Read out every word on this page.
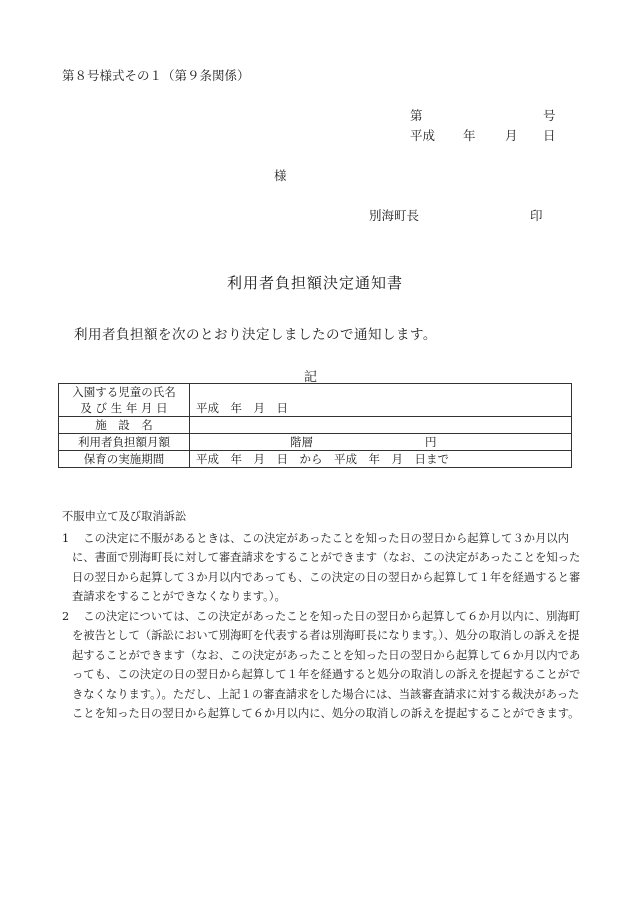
第８号様式その１（第９条関係）
第	号
平成 年 月 日
様
別海町長	印
利用者負担額決定通知書
利用者負担額を次のとおり決定しましたので通知します。
記
入園する児童の氏名	
及 び 生 年 月 日	平成　年　月　日
施　設　名	
利用者負担額月額	階層 円
保育の実施期間	平成　年　月　日　から　平成　年　月　日まで
不服申立て及び取消訴訟
1	この決定に不服があるときは、この決定があったことを知った日の翌日から起算して３か月以内に、書面で別海町長に対して審査請求をすることができます（なお、この決定があったことを知った日の翌日から起算して３か月以内であっても、この決定の日の翌日から起算して１年を経過すると審査請求をすることができなくなります。）。

2	この決定については、この決定があったことを知った日の翌日から起算して６か月以内に、別海町を被告として（訴訟において別海町を代表する者は別海町長になります。）、処分の取消しの訴えを提起することができます（なお、この決定があったことを知った日の翌日から起算して６か月以内であっても、この決定の日の翌日から起算して１年を経過すると処分の取消しの訴えを提起することができなくなります。）。ただし、上記１の審査請求をした場合には、当該審査請求に対する裁決があったことを知った日の翌日から起算して６か月以内に、処分の取消しの訴えを提起することができます。
